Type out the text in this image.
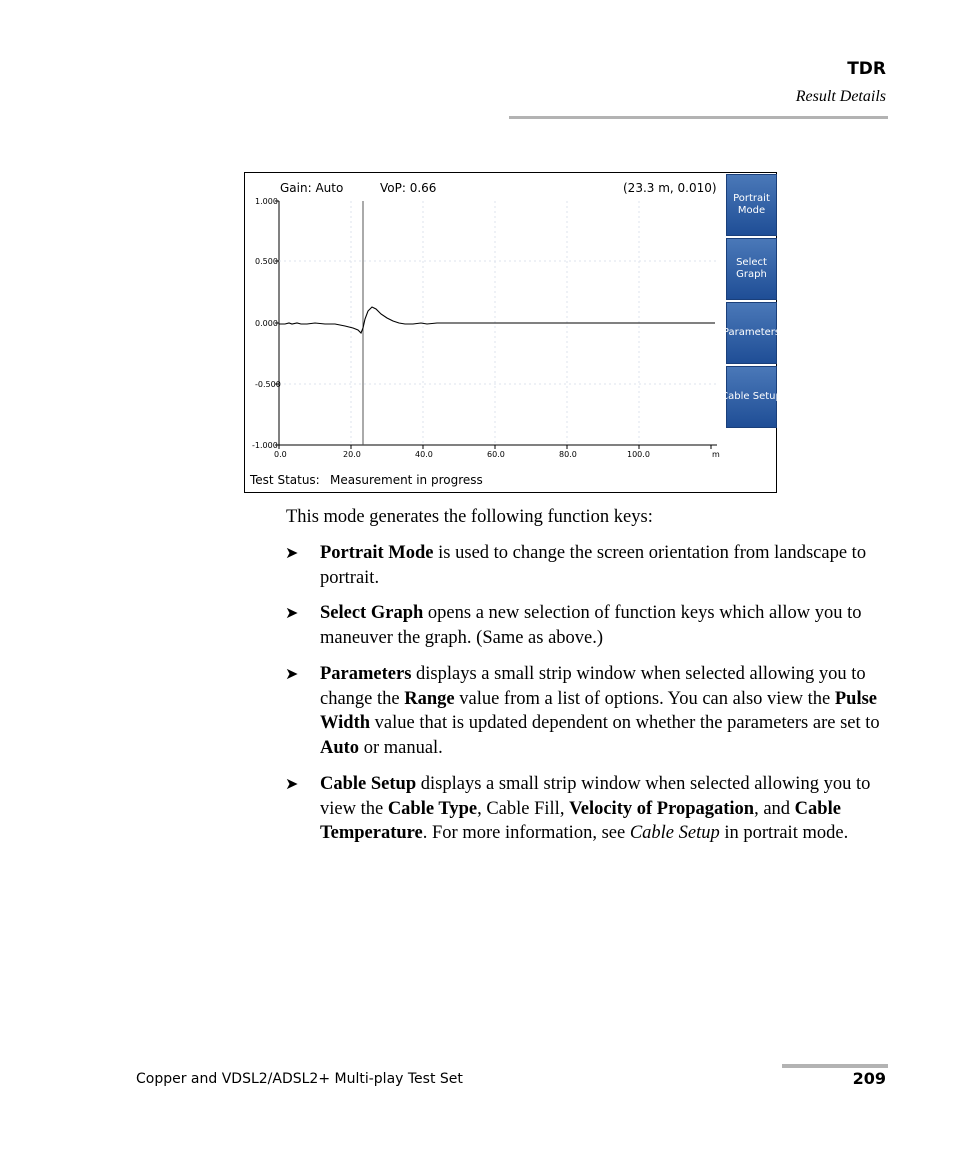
TDR
Result Details
Gain: Auto	VoP: 0.66	(23.3 m, 0.010)
1.000
0.500
0.000
-0.500
-1.000
0.0	20.0	40.0	60.0	80.0	100.0	m
Test Status: Measurement in progress
Portrait
Mode
Select
Graph
Parameters
Cable Setup
This mode generates the following function keys:
➤ Portrait Mode is used to change the screen orientation from landscape to portrait.
➤ Select Graph opens a new selection of function keys which allow you to maneuver the graph. (Same as above.)
➤ Parameters displays a small strip window when selected allowing you to change the Range value from a list of options. You can also view the Pulse Width value that is updated dependent on whether the parameters are set to Auto or manual.
➤ Cable Setup displays a small strip window when selected allowing you to view the Cable Type, Cable Fill, Velocity of Propagation, and Cable Temperature. For more information, see Cable Setup in portrait mode.
Copper and VDSL2/ADSL2+ Multi-play Test Set	209
